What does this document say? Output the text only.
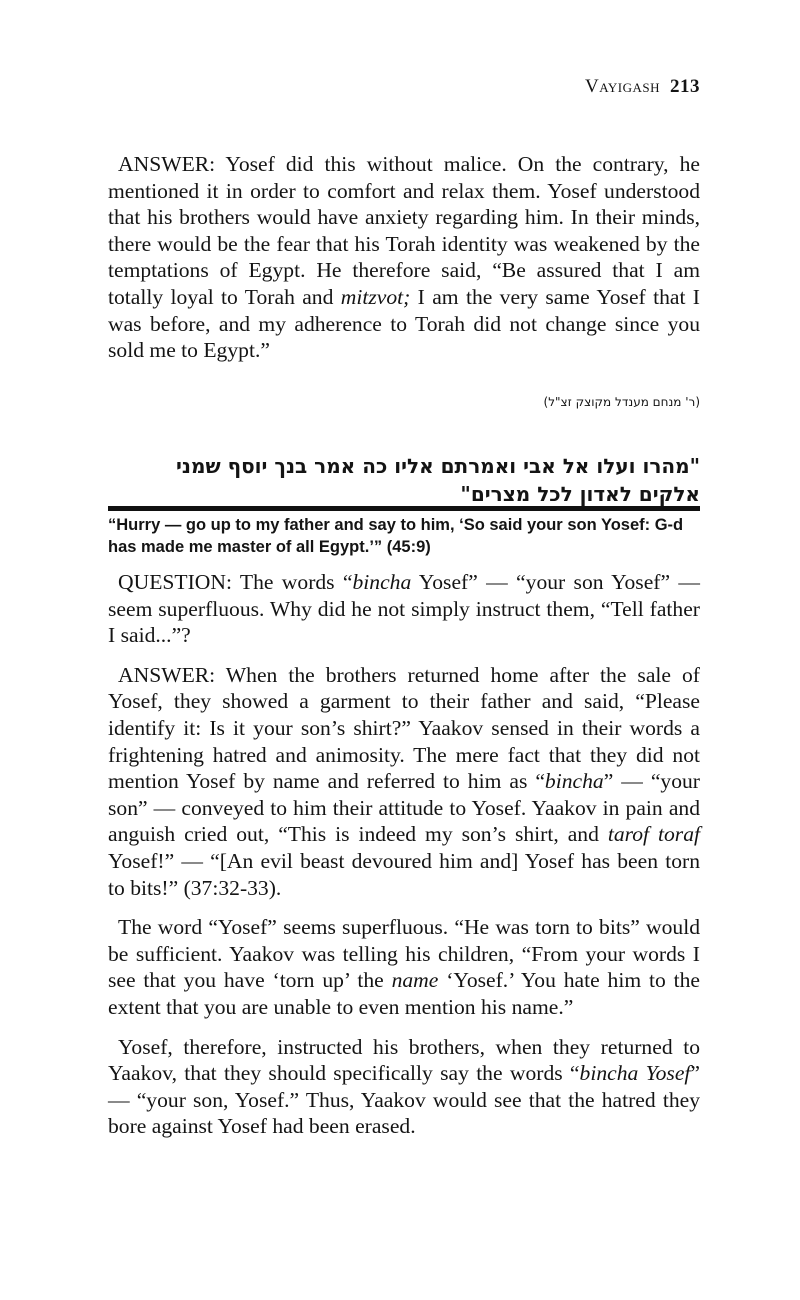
Vayigash 213

ANSWER: Yosef did this without malice. On the contrary, he mentioned it in order to comfort and relax them. Yosef understood that his brothers would have anxiety regarding him. In their minds, there would be the fear that his Torah identity was weakened by the temptations of Egypt. He therefore said, “Be assured that I am totally loyal to Torah and mitzvot; I am the very same Yosef that I was before, and my adherence to Torah did not change since you sold me to Egypt.”

(ר' מנחם מענדל מקוצק זצ"ל)
"מהרו ועלו אל אבי ואמרתם אליו כה אמר בנך יוסף שמני אלקים לאדון לכל מצרים"
“Hurry — go up to my father and say to him, ‘So said your son Yosef: G-d has made me master of all Egypt.’” (45:9)

QUESTION: The words “bincha Yosef” — “your son Yosef” — seem superfluous. Why did he not simply instruct them, “Tell father I said...”?

ANSWER: When the brothers returned home after the sale of Yosef, they showed a garment to their father and said, “Please identify it: Is it your son’s shirt?” Yaakov sensed in their words a frightening hatred and animosity. The mere fact that they did not mention Yosef by name and referred to him as “bincha” — “your son” — conveyed to him their attitude to Yosef. Yaakov in pain and anguish cried out, “This is indeed my son’s shirt, and tarof toraf Yosef!” — “[An evil beast devoured him and] Yosef has been torn to bits!” (37:32-33).

The word “Yosef” seems superfluous. “He was torn to bits” would be sufficient. Yaakov was telling his children, “From your words I see that you have ‘torn up’ the name ‘Yosef.’ You hate him to the extent that you are unable to even mention his name.”

Yosef, therefore, instructed his brothers, when they returned to Yaakov, that they should specifically say the words “bincha Yosef” — “your son, Yosef.” Thus, Yaakov would see that the hatred they bore against Yosef had been erased.
